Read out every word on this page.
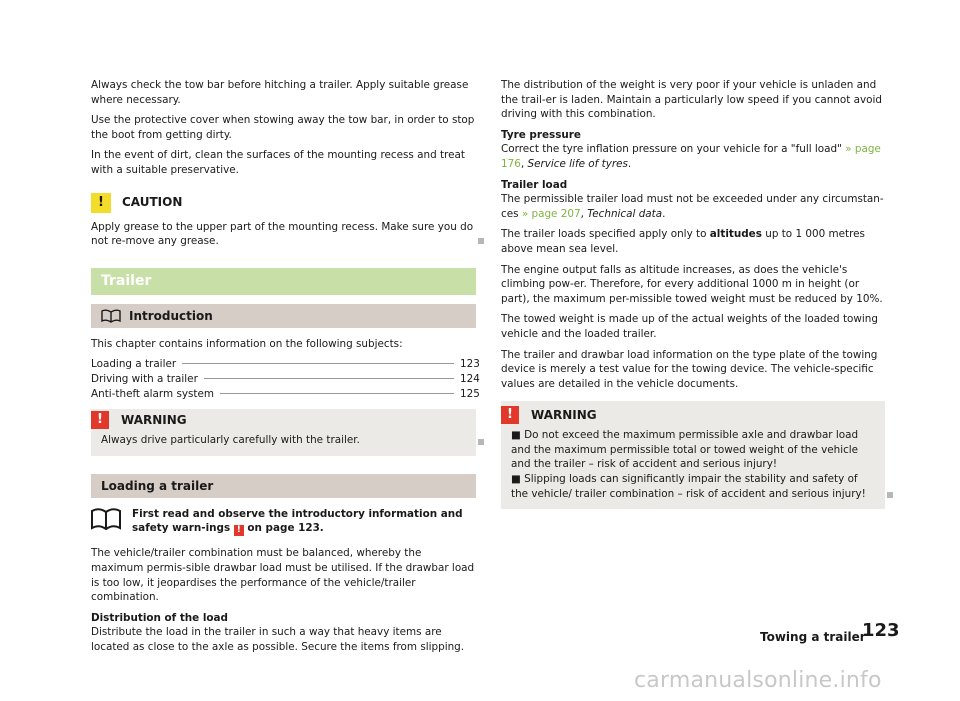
Always check the tow bar before hitching a trailer. Apply suitable grease where necessary.

Use the protective cover when stowing away the tow bar, in order to stop the boot from getting dirty.

In the event of dirt, clean the surfaces of the mounting recess and treat with a suitable preservative.

!	CAUTION
Apply grease to the upper part of the mounting recess. Make sure you do not re-move any grease.
Trailer
Introduction

This chapter contains information on the following subjects:

Loading a trailer	123
Driving with a trailer	124
Anti-theft alarm system	125
!	WARNING
Always drive particularly carefully with the trailer.
Loading a trailer
First read and observe the introductory information and safety warn-ings ! on page 123.

The vehicle/trailer combination must be balanced, whereby the maximum permis-sible drawbar load must be utilised. If the drawbar load is too low, it jeopardises the performance of the vehicle/trailer combination.

Distribution of the load

Distribute the load in the trailer in such a way that heavy items are located as close to the axle as possible. Secure the items from slipping.

The distribution of the weight is very poor if your vehicle is unladen and the trail-er is laden. Maintain a particularly low speed if you cannot avoid driving with this combination.

Tyre pressure

Correct the tyre inflation pressure on your vehicle for a "full load" » page 176, Service life of tyres.

Trailer load

The permissible trailer load must not be exceeded under any circumstan-ces » page 207, Technical data.

The trailer loads specified apply only to altitudes up to 1 000 metres above mean sea level.

The engine output falls as altitude increases, as does the vehicle's climbing pow-er. Therefore, for every additional 1000 m in height (or part), the maximum per-missible towed weight must be reduced by 10%.

The towed weight is made up of the actual weights of the loaded towing vehicle and the loaded trailer.

The trailer and drawbar load information on the type plate of the towing device is merely a test value for the towing device. The vehicle-specific values are detailed in the vehicle documents.

!	WARNING
■ Do not exceed the maximum permissible axle and drawbar load and the maximum permissible total or towed weight of the vehicle and the trailer – risk of accident and serious injury!
■ Slipping loads can significantly impair the stability and safety of the vehicle/ trailer combination – risk of accident and serious injury!
Towing a trailer
123
carmanualsonline.info
